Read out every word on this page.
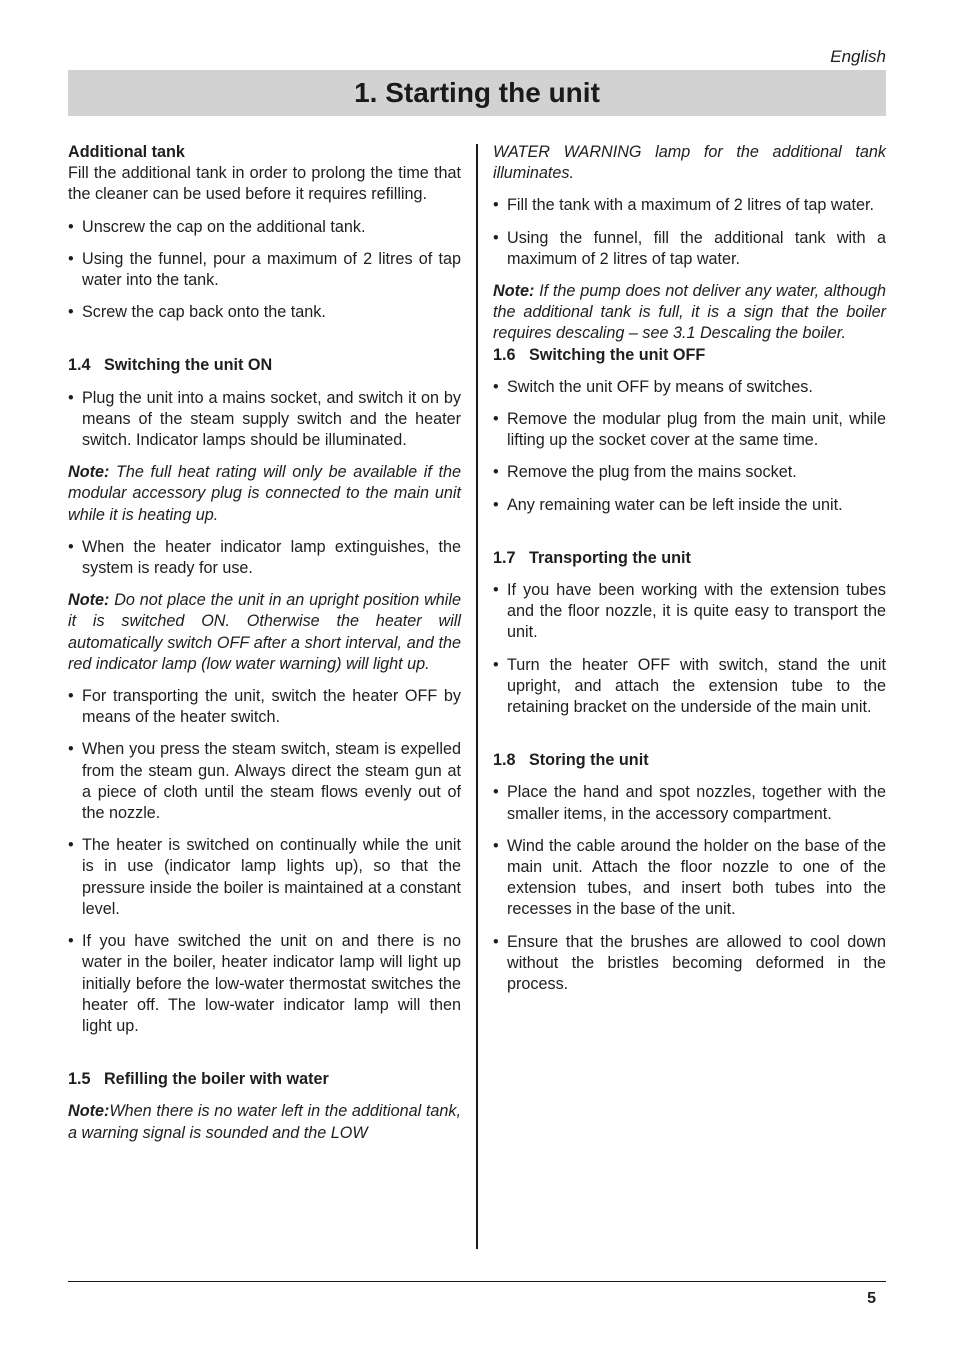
English
1. Starting the unit
Additional tank

Fill the additional tank in order to prolong the time that the cleaner can be used before it requires refilling.

• Unscrew the cap on the additional tank.
• Using the funnel, pour a maximum of 2 litres of tap water into the tank.
• Screw the cap back onto the tank.
1.4   Switching the unit ON
• Plug the unit into a mains socket, and switch it on by means of the steam supply switch and the heater switch. Indicator lamps should be illuminated.
Note: The full heat rating will only be available if the modular accessory plug is connected to the main unit while it is heating up.
• When the heater indicator lamp extinguishes, the system is ready for use.
Note: Do not place the unit in an upright position while it is switched ON. Otherwise the heater will automatically switch OFF after a short interval, and the red indicator lamp (low water warning) will light up.
• For transporting the unit, switch the heater OFF by means of the heater switch.
• When you press the steam switch, steam is expelled from the steam gun. Always direct the steam gun at a piece of cloth until the steam flows evenly out of the nozzle.
• The heater is switched on continually while the unit is in use (indicator lamp lights up), so that the pressure inside the boiler is maintained at a constant level.
• If you have switched the unit on and there is no water in the boiler, heater indicator lamp will light up initially before the low-water thermostat switches the heater off. The low-water indicator lamp will then light up.
1.5   Refilling the boiler with water
Note:When there is no water left in the additional tank, a warning signal is sounded and the LOW
WATER WARNING lamp for the additional tank illuminates.
• Fill the tank with a maximum of 2 litres of tap water.
• Using the funnel, fill the additional tank with a maximum of 2 litres of tap water.
Note: If the pump does not deliver any water, although the additional tank is full, it is a sign that the boiler requires descaling – see 3.1 Descaling the boiler.
1.6   Switching the unit OFF
• Switch the unit OFF by means of switches.
• Remove the modular plug from the main unit, while lifting up the socket cover at the same time.
• Remove the plug from the mains socket.
• Any remaining water can be left inside the unit.
1.7   Transporting the unit
• If you have been working with the extension tubes and the floor nozzle, it is quite easy to transport the unit.
• Turn the heater OFF with switch, stand the unit upright, and attach the extension tube to the retaining bracket on the underside of the main unit.
1.8   Storing the unit
• Place the hand and spot nozzles, together with the smaller items, in the accessory compartment.
• Wind the cable around the holder on the base of the main unit. Attach the floor nozzle to one of the extension tubes, and insert both tubes into the recesses in the base of the unit.
• Ensure that the brushes are allowed to cool down without the bristles becoming deformed in the process.
5
